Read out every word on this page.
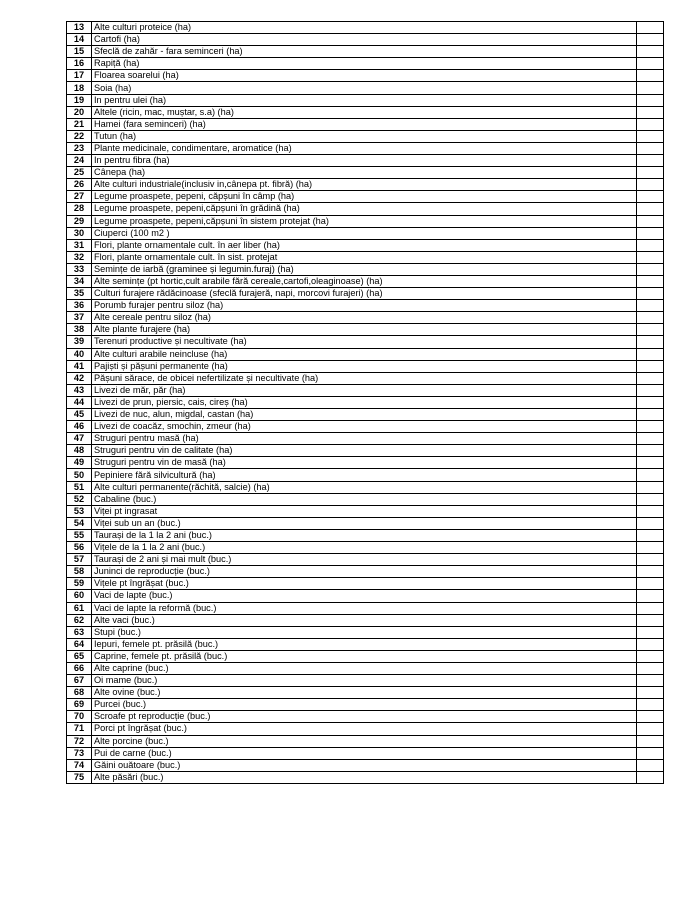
13	Alte culturi proteice (ha)	
14	Cartofi (ha)	
15	Sfeclă de zahăr - fara seminceri (ha)	
16	Rapiță (ha)	
17	Floarea soarelui (ha)	
18	Soia (ha)	
19	In pentru ulei (ha)	
20	Altele (ricin, mac, muștar, s.a) (ha)	
21	Hamei (fara seminceri) (ha)	
22	Tutun (ha)	
23	Plante medicinale, condimentare, aromatice (ha)	
24	In pentru fibra (ha)	
25	Cânepa (ha)	
26	Alte culturi industriale(inclusiv in,cânepa pt. fibră) (ha)	
27	Legume proaspete, pepeni, căpșuni în câmp (ha)	
28	Legume proaspete, pepeni,căpșuni în grădină (ha)	
29	Legume proaspete, pepeni,căpșuni în sistem protejat (ha)	
30	Ciuperci (100 m2 )	
31	Flori, plante ornamentale cult. în aer liber (ha)	
32	Flori, plante ornamentale cult. în sist. protejat	
33	Semințe de iarbă (graminee și legumin.furaj) (ha)	
34	Alte semințe (pt hortic,cult arabile fără cereale,cartofi,oleaginoase) (ha)	
35	Culturi furajere rădăcinoase (sfeclă furajeră, napi, morcovi furajeri) (ha)	
36	Porumb furajer pentru siloz (ha)	
37	Alte cereale pentru siloz (ha)	
38	Alte plante furajere (ha)	
39	Terenuri productive și necultivate (ha)	
40	Alte culturi arabile neincluse (ha)	
41	Pajiști și pășuni permanente (ha)	
42	Pășuni sărace, de obicei nefertilizate și necultivate (ha)	
43	Livezi de măr, păr (ha)	
44	Livezi de prun, piersic, cais, cireș (ha)	
45	Livezi de nuc, alun, migdal, castan (ha)	
46	Livezi de coacăz, smochin, zmeur (ha)	
47	Struguri pentru masă (ha)	
48	Struguri pentru vin de calitate (ha)	
49	Struguri pentru vin de masă (ha)	
50	Pepiniere fără silvicultură (ha)	
51	Alte culturi permanente(răchită, salcie) (ha)	
52	Cabaline (buc.)	
53	Viței pt ingrasat	
54	Viței sub un an (buc.)	
55	Taurași de la 1 la 2 ani (buc.)	
56	Vițele de la 1 la 2 ani (buc.)	
57	Taurași de 2 ani și mai mult (buc.)	
58	Juninci de reproducție (buc.)	
59	Vițele pt îngrășat (buc.)	
60	Vaci de lapte (buc.)	
61	Vaci de lapte la reformă (buc.)	
62	Alte vaci (buc.)	
63	Stupi (buc.)	
64	Iepuri, femele pt. prăsilă (buc.)	
65	Caprine, femele pt. prăsilă (buc.)	
66	Alte caprine (buc.)	
67	Oi mame (buc.)	
68	Alte ovine (buc.)	
69	Purcei (buc.)	
70	Scroafe pt reproducție (buc.)	
71	Porci pt îngrășat (buc.)	
72	Alte porcine (buc.)	
73	Pui de carne (buc.)	
74	Găini ouătoare (buc.)	
75	Alte păsări (buc.)	
